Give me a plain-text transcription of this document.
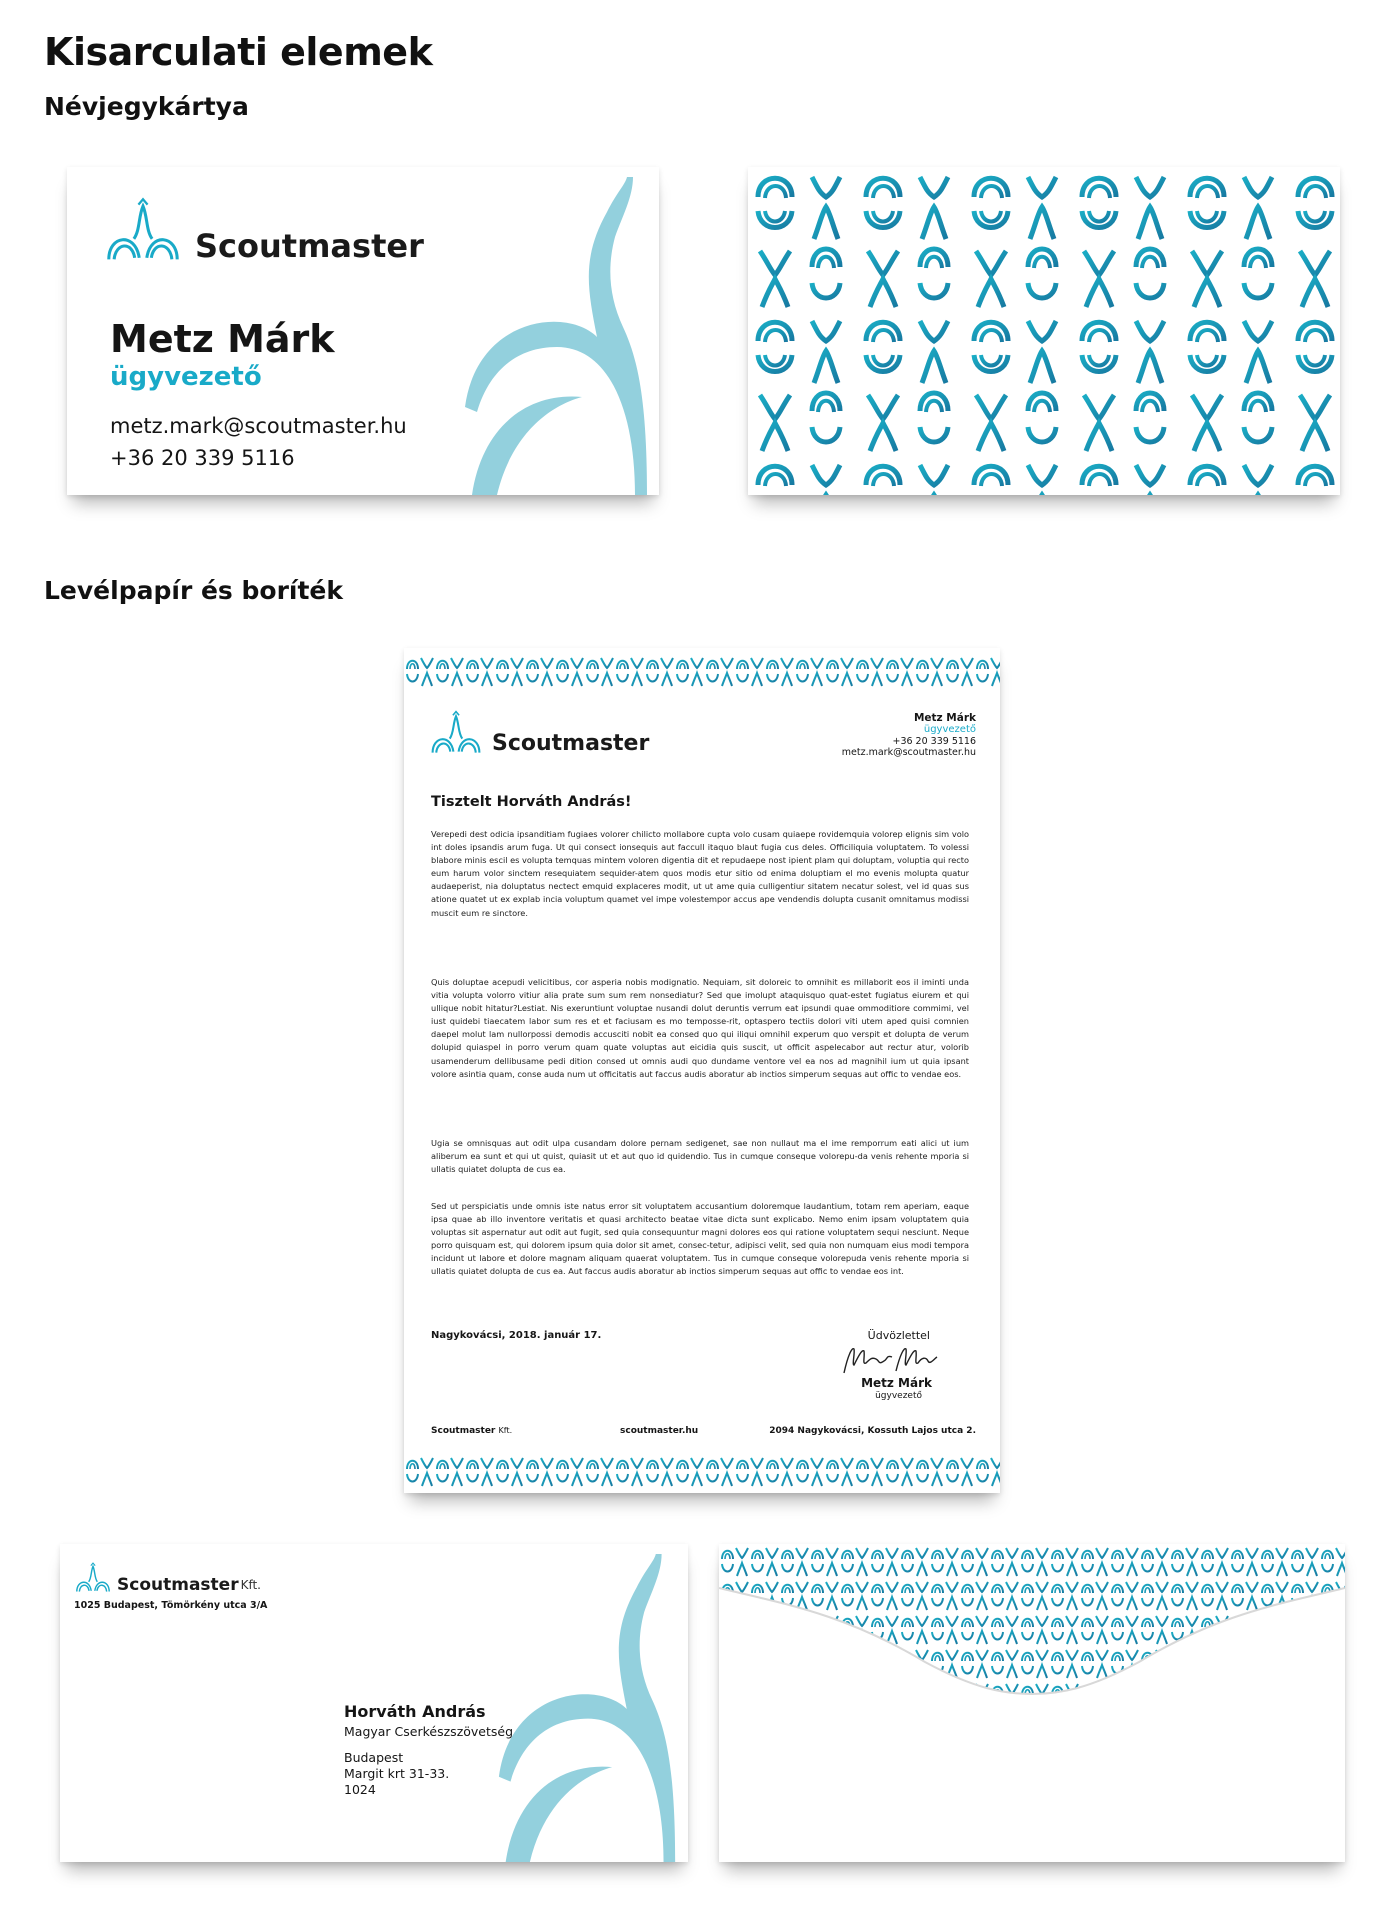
Kisarculati elemek
Névjegykártya
Scoutmaster
Metz Márk
ügyvezető
metz.mark@scoutmaster.hu
+36 20 339 5116
Levélpapír és boríték
Scoutmaster
Metz Márk
ügyvezető
+36 20 339 5116
metz.mark@scoutmaster.hu
Tisztelt Horváth András!

Verepedi dest odicia ipsanditiam fugiaes volorer chilicto mollabore cupta volo cusam quiaepe rovidemquia volorep elignis sim volo int doles ipsandis arum fuga. Ut qui consect ionsequis aut faccull itaquo blaut fugia cus deles. Officiliquia voluptatem. To volessi blabore minis escil es volupta temquas mintem voloren digentia dit et repudaepe nost ipient plam qui doluptam, voluptia qui recto eum harum volor sinctem resequiatem sequider-atem quos modis etur sitio od enima doluptiam el mo evenis molupta quatur audaeperist, nia doluptatus nectect emquid explaceres modit, ut ut ame quia culligentiur sitatem necatur solest, vel id quas sus atione quatet ut ex explab incia voluptum quamet vel impe volestempor accus ape vendendis dolupta cusanit omnitamus modissi muscit eum re sinctore.

Quis doluptae acepudi velicitibus, cor asperia nobis modignatio. Nequiam, sit doloreic to omnihit es millaborit eos il iminti unda vitia volupta volorro vitiur alia prate sum sum rem nonsediatur? Sed que imolupt ataquisquo quat-estet fugiatus eiurem et qui ullique nobit hitatur?Lestiat. Nis exeruntiunt voluptae nusandi dolut deruntis verrum eat ipsundi quae ommoditiore commimi, vel iust quidebi tiaecatem labor sum res et et faciusam es mo temposse-rit, optaspero tectiis dolori viti utem aped quisi comnien daepel molut lam nullorpossi demodis accusciti nobit ea consed quo qui iliqui omnihil experum quo verspit et dolupta de verum dolupid quiaspel in porro verum quam quate voluptas aut eicidia quis suscit, ut officit aspelecabor aut rectur atur, volorib usamenderum dellibusame pedi dition consed ut omnis audi quo dundame ventore vel ea nos ad magnihil ium ut quia ipsant volore asintia quam, conse auda num ut officitatis aut faccus audis aboratur ab inctios simperum sequas aut offic to vendae eos.

Ugia se omnisquas aut odit ulpa cusandam dolore pernam sedigenet, sae non nullaut ma el ime remporrum eati alici ut ium aliberum ea sunt et qui ut quist, quiasit ut et aut quo id quidendio. Tus in cumque conseque volorepu-da venis rehente mporia si ullatis quiatet dolupta de cus ea.

Sed ut perspiciatis unde omnis iste natus error sit voluptatem accusantium doloremque laudantium, totam rem aperiam, eaque ipsa quae ab illo inventore veritatis et quasi architecto beatae vitae dicta sunt explicabo. Nemo enim ipsam voluptatem quia voluptas sit aspernatur aut odit aut fugit, sed quia consequuntur magni dolores eos qui ratione voluptatem sequi nesciunt. Neque porro quisquam est, qui dolorem ipsum quia dolor sit amet, consec-tetur, adipisci velit, sed quia non numquam eius modi tempora incidunt ut labore et dolore magnam aliquam quaerat voluptatem. Tus in cumque conseque volorepuda venis rehente mporia si ullatis quiatet dolupta de cus ea. Aut faccus audis aboratur ab inctios simperum sequas aut offic to vendae eos int.

Nagykovácsi, 2018. január 17.	Üdvözlettel
Metz Márk
ügyvezető
Scoutmaster Kft.	scoutmaster.hu	2094 Nagykovácsi, Kossuth Lajos utca 2.
Scoutmaster Kft.
1025 Budapest, Tömörkény utca 3/A
Horváth András
Magyar Cserkészszövetség
Budapest
Margit krt 31-33.
1024
